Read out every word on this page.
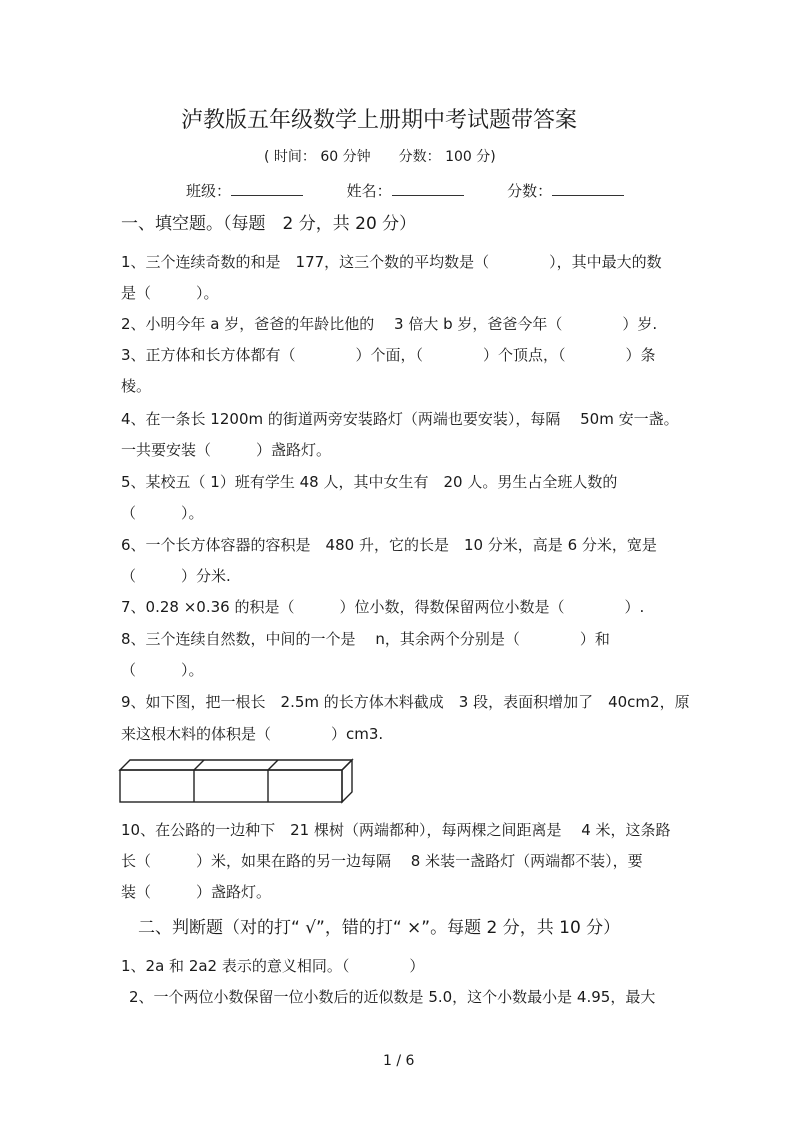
泸教版五年级数学上册期中考试题带答案
( 时间： 60 分钟　　分数： 100 分)
班级：	姓名：	分数：
一、填空题。（每题　2 分，共 20 分）
1、三个连续奇数的和是　177，这三个数的平均数是（　　　　），其中最大的数
是（　　　）。
2、小明今年 a 岁，爸爸的年龄比他的　 3 倍大 b 岁，爸爸今年（　　　　）岁.
3、正方体和长方体都有（　　　　）个面，（　　　　）个顶点，（　　　　）条
棱。
4、在一条长 1200m 的街道两旁安装路灯（两端也要安装），每隔　 50m 安一盏。
一共要安装（　　　）盏路灯。
5、某校五（ 1）班有学生 48 人，其中女生有　20 人。男生占全班人数的
（　　　）。
6、一个长方体容器的容积是　480 升，它的长是　10 分米，高是 6 分米，宽是
（　　　）分米.
7、0.28 ×0.36 的积是（　　　）位小数，得数保留两位小数是（　　　　）.
8、三个连续自然数，中间的一个是　 n，其余两个分别是（　　　　）和
（　　　）。
9、如下图，把一根长　2.5m 的长方体木料截成　3 段，表面积增加了　40cm2，原
来这根木料的体积是（　　　　）cm3.
10、在公路的一边种下　21 棵树（两端都种），每两棵之间距离是　 4 米，这条路
长（　　　）米，如果在路的另一边每隔　 8 米装一盏路灯（两端都不装），要
装（　　　）盏路灯。
二、判断题（对的打“ √”，错的打“ ×”。每题 2 分，共 10 分）
1、2a 和 2a2 表示的意义相同。（　　　　）
2、一个两位小数保留一位小数后的近似数是 5.0，这个小数最小是 4.95，最大
1 / 6
